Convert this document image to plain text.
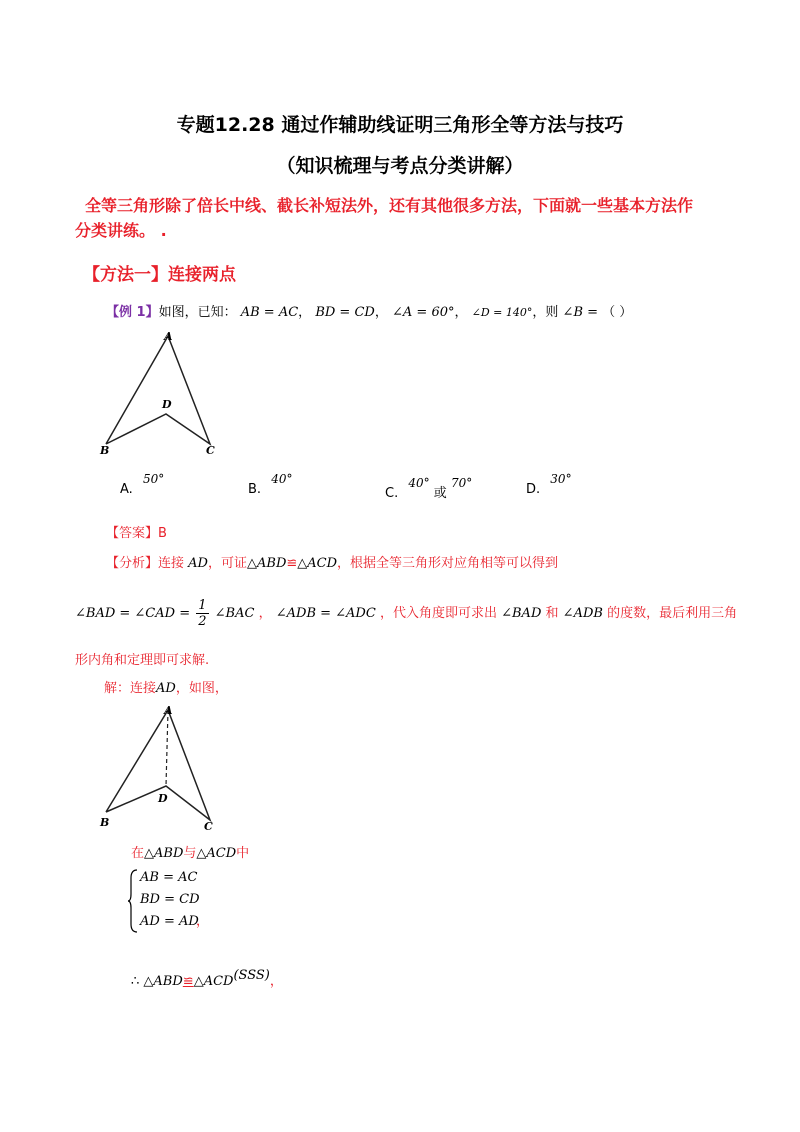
专题12.28 通过作辅助线证明三角形全等方法与技巧
（知识梳理与考点分类讲解）
全等三角形除了倍长中线、截长补短法外，还有其他很多方法，下面就一些基本方法作
分类讲练。 .
【方法一】连接两点
【例 1】如图，已知： AB = AC， BD = CD， ∠A = 60°， ∠D = 140°，则 ∠B = （ ）
A
D
B	C
A. 50°
B. 40°
C. 40° 或 70°	D. 30°
【答案】B
【分析】连接 AD，可证△ABD≌△ACD，根据全等三角形对应角相等可以得到
∠BAD = ∠CAD = $\frac{1}{2}$ ∠BAC ， ∠ADB = ∠ADC ，代入角度即可求出 ∠BAD 和 ∠ADB 的度数，最后利用三角
形内角和定理即可求解.
解：连接AD，如图，
A
D
B	C
在△ABD与△ACD中
AB = AC
BD = CD
AD = AD
，
∴ △ABD≌△ACD(SSS)，
